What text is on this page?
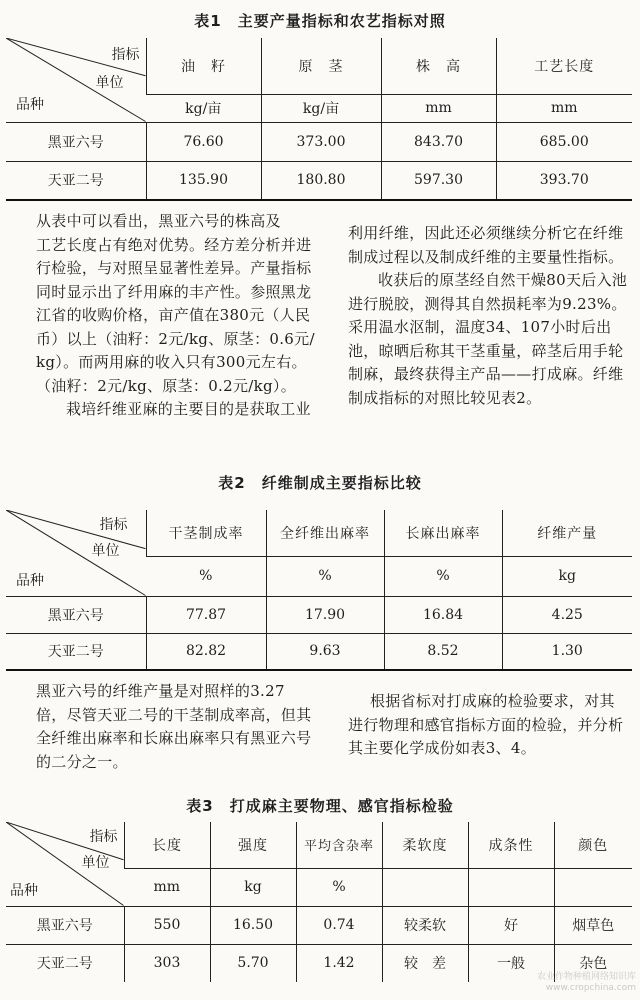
表1　主要产量指标和农艺指标对照
指标
单位
品种	油　籽	原　茎	株　高	工艺长度
	kg/亩	kg/亩	mm	mm
黑亚六号	76.60	373.00	843.70	685.00
天亚二号	135.90	180.80	597.30	393.70
从表中可以看出，黑亚六号的株高及
工艺长度占有绝对优势。经方差分析并进
行检验，与对照呈显著性差异。产量指标
同时显示出了纤用麻的丰产性。参照黑龙
江省的收购价格，亩产值在380元（人民
币）以上（油籽：2元/kg、原茎：0.6元/
kg）。而两用麻的收入只有300元左右。
（油籽：2元/kg、原茎：0.2元/kg）。
栽培纤维亚麻的主要目的是获取工业
利用纤维，因此还必须继续分析它在纤维
制成过程以及制成纤维的主要量性指标。
收获后的原茎经自然干燥80天后入池
进行脱胶，测得其自然损耗率为9.23%。
采用温水沤制，温度34、107小时后出
池，晾晒后称其干茎重量，碎茎后用手轮
制麻，最终获得主产品——打成麻。纤维
制成指标的对照比较见表2。
表2　纤维制成主要指标比较
指标
单位
品种	干茎制成率	全纤维出麻率	长麻出麻率	纤维产量
	%	%	%	kg
黑亚六号	77.87	17.90	16.84	4.25
天亚二号	82.82	9.63	8.52	1.30
黑亚六号的纤维产量是对照样的3.27
倍，尽管天亚二号的干茎制成率高，但其
全纤维出麻率和长麻出麻率只有黑亚六号
的二分之一。
根据省标对打成麻的检验要求，对其
进行物理和感官指标方面的检验，并分析
其主要化学成份如表3、4。
表3　打成麻主要物理、感官指标检验
指标
单位
品种	长度	强度	平均含杂率	柔软度	成条性	颜色
	mm	kg	%			
黑亚六号	550	16.50	0.74	较柔软	好	烟草色
天亚二号	303	5.70	1.42	较　差	一般	杂色
农业作物种植网络知识库
www.cropchina.com
